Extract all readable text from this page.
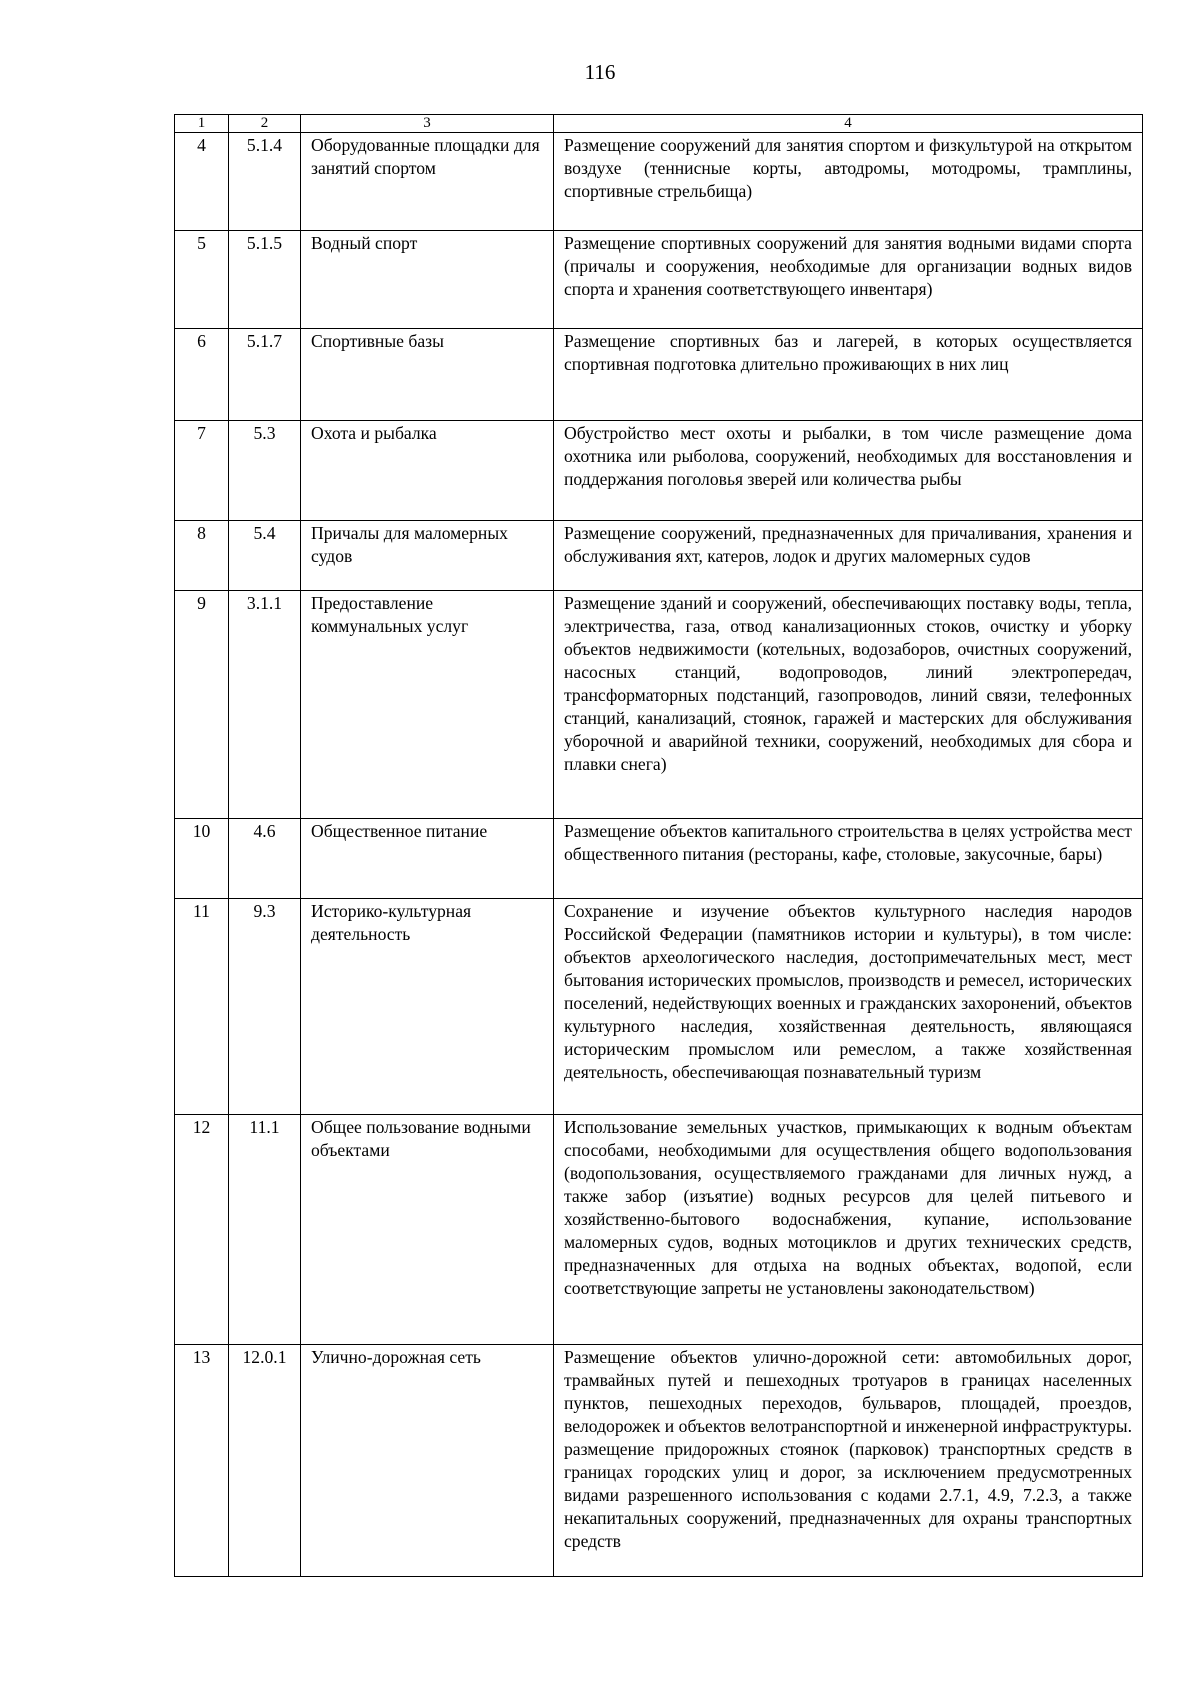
116
1	2	3	4
4	5.1.4	Оборудованные площадки для занятий спортом	Размещение сооружений для занятия спортом и физкультурой на открытом воздухе (теннисные корты, автодромы, мотодромы, трамплины, спортивные стрельбища)
5	5.1.5	Водный спорт	Размещение спортивных сооружений для занятия водными видами спорта (причалы и сооружения, необходимые для организации водных видов спорта и хранения соответствующего инвентаря)
6	5.1.7	Спортивные базы	Размещение спортивных баз и лагерей, в которых осуществляется спортивная подготовка длительно проживающих в них лиц
7	5.3	Охота и рыбалка	Обустройство мест охоты и рыбалки, в том числе размещение дома охотника или рыболова, сооружений, необходимых для восстановления и поддержания поголовья зверей или количества рыбы
8	5.4	Причалы для маломерных судов	Размещение сооружений, предназначенных для причаливания, хранения и обслуживания яхт, катеров, лодок и других маломерных судов
9	3.1.1	Предоставление коммунальных услуг	Размещение зданий и сооружений, обеспечивающих поставку воды, тепла, электричества, газа, отвод канализационных стоков, очистку и уборку объектов недвижимости (котельных, водозаборов, очистных сооружений, насосных станций, водопроводов, линий электропередач, трансформаторных подстанций, газопроводов, линий связи, телефонных станций, канализаций, стоянок, гаражей и мастерских для обслуживания уборочной и аварийной техники, сооружений, необходимых для сбора и плавки снега)
10	4.6	Общественное питание	Размещение объектов капитального строительства в целях устройства мест общественного питания (рестораны, кафе, столовые, закусочные, бары)
11	9.3	Историко-культурная деятельность	Сохранение и изучение объектов культурного наследия народов Российской Федерации (памятников истории и культуры), в том числе: объектов археологического наследия, достопримечательных мест, мест бытования исторических промыслов, производств и ремесел, исторических поселений, недействующих военных и гражданских захоронений, объектов культурного наследия, хозяйственная деятельность, являющаяся историческим промыслом или ремеслом, а также хозяйственная деятельность, обеспечивающая познавательный туризм
12	11.1	Общее пользование водными объектами	Использование земельных участков, примыкающих к водным объектам способами, необходимыми для осуществления общего водопользования (водопользования, осуществляемого гражданами для личных нужд, а также забор (изъятие) водных ресурсов для целей питьевого и хозяйственно-бытового водоснабжения, купание, использование маломерных судов, водных мотоциклов и других технических средств, предназначенных для отдыха на водных объектах, водопой, если соответствующие запреты не установлены законодательством)
13	12.0.1	Улично-дорожная сеть	Размещение объектов улично-дорожной сети: автомобильных дорог, трамвайных путей и пешеходных тротуаров в границах населенных пунктов, пешеходных переходов, бульваров, площадей, проездов, велодорожек и объектов велотранспортной и инженерной инфраструктуры. размещение придорожных стоянок (парковок) транспортных средств в границах городских улиц и дорог, за исключением предусмотренных видами разрешенного использования с кодами 2.7.1, 4.9, 7.2.3, а также некапитальных сооружений, предназначенных для охраны транспортных средств
